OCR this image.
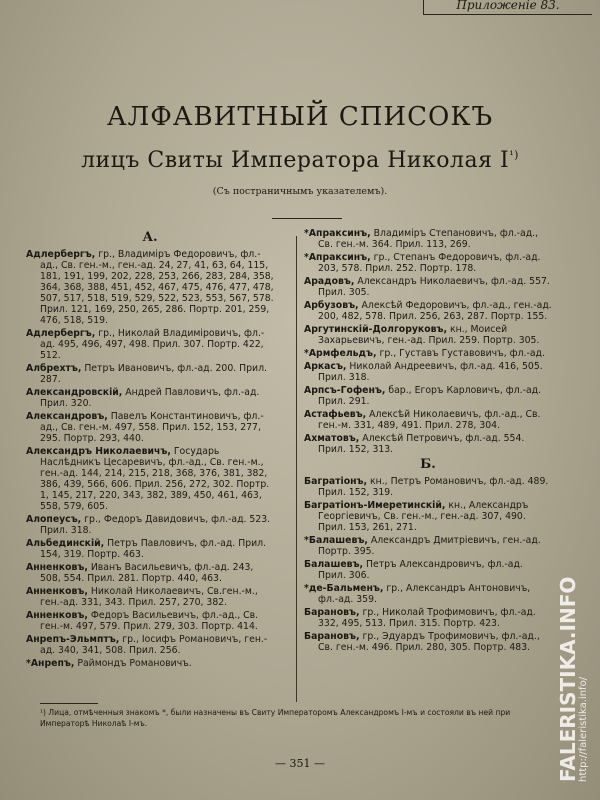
Приложеніе 83.
АЛФАВИТНЫЙ СПИСОКЪ
лицъ Свиты Императора Николая $I^{^1)}$
(Съ постраничнымъ указателемъ).
А.
Адлербергъ, гр., Владиміръ Федоровичъ, фл.-ад., Св. ген.-м., ген.-ад. 24, 27, 41, 63, 64, 115, 181, 191, 199, 202, 228, 253, 266, 283, 284, 358, 364, 368, 388, 451, 452, 467, 475, 476, 477, 478, 507, 517, 518, 519, 529, 522, 523, 553, 567, 578. Прил. 121, 169, 250, 265, 286. Портр. 201, 259, 476, 518, 519.
Адлербергъ, гр., Николай Владиміровичъ, фл.-ад. 495, 496, 497, 498. Прил. 307. Портр. 422, 512.
Албрехтъ, Петръ Ивановичъ, фл.-ад. 200. Прил. 287.
Александровскій, Андрей Павловичъ, фл.-ад. Прил. 320.
Александровъ, Павелъ Константиновичъ, фл.-ад., Св. ген.-м. 497, 558. Прил. 152, 153, 277, 295. Портр. 293, 440.
Александръ Николаевичъ, Государь Наслѣдникъ Цесаревичъ, фл.-ад., Св. ген.-м., ген.-ад. 144, 214, 215, 218, 368, 376, 381, 382, 386, 439, 566, 606. Прил. 256, 272, 302. Портр. 1, 145, 217, 220, 343, 382, 389, 450, 461, 463, 558, 579, 605.
Алопеусъ, гр., Федоръ Давидовичъ, фл.-ад. 523. Прил. 318.
Альбединскій, Петръ Павловичъ, фл.-ад. Прил. 154, 319. Портр. 463.
Анненковъ, Иванъ Васильевичъ, фл.-ад. 243, 508, 554. Прил. 281. Портр. 440, 463.
Анненковъ, Николай Николаевичъ, Св.ген.-м., ген.-ад. 331, 343. Прил. 257, 270, 382.
Анненковъ, Федоръ Васильевичъ, фл.-ад., Св. ген.-м. 497, 579. Прил. 279, 303. Портр. 414.
Анрепъ-Эльмптъ, гр., Іосифъ Романовичъ, ген.-ад. 340, 341, 508. Прил. 256.
*Анрепъ, Раймондъ Романовичъ.
*Апраксинъ, Владиміръ Степановичъ, фл.-ад., Св. ген.-м. 364. Прил. 113, 269.
*Апраксинъ, гр., Степанъ Федоровичъ, фл.-ад. 203, 578. Прил. 252. Портр. 178.
Арадовъ, Александръ Николаевичъ, фл.-ад. 557. Прил. 305.
Арбузовъ, Алексѣй Федоровичъ, фл.-ад., ген.-ад. 200, 482, 578. Прил. 256, 263, 287. Портр. 155.
Аргутинскій-Долгоруковъ, кн., Моисей Захарьевичъ, ген.-ад. Прил. 259. Портр. 305.
*Армфельдъ, гр., Густавъ Густавовичъ, фл.-ад.
Аркасъ, Николай Андреевичъ, фл.-ад. 416, 505. Прил. 318.
Арпсъ-Гофенъ, бар., Егоръ Карловичъ, фл.-ад. Прил. 291.
Астафьевъ, Алексѣй Николаевичъ, фл.-ад., Св. ген.-м. 331, 489, 491. Прил. 278, 304.
Ахматовъ, Алексѣй Петровичъ, фл.-ад. 554. Прил. 152, 313.
Б.
Багратіонъ, кн., Петръ Романовичъ, фл.-ад. 489. Прил. 152, 319.
Багратіонъ-Имеретинскій, кн., Александръ Георгіевичъ, Св. ген.-м., ген.-ад. 307, 490. Прил. 153, 261, 271.
*Балашевъ, Александръ Дмитріевичъ, ген.-ад. Портр. 395.
Балашевъ, Петръ Александровичъ, фл.-ад. Прил. 306.
*де-Бальменъ, гр., Александръ Антоновичъ, фл.-ад. 359.
Барановъ, гр., Николай Трофимовичъ, фл.-ад. 332, 495, 513. Прил. 315. Портр. 423.
Барановъ, гр., Эдуардъ Трофимовичъ, фл.-ад., Св. ген.-м. 496. Прил. 280, 305. Портр. 483.
¹) Лица, отмѣченныя знакомъ *, были назначены въ Свиту Императоромъ Александромъ I-мъ и состояли въ ней при Императорѣ Николаѣ I-мъ.
— 351 —	FALERISTIKA.INFO
http://faleristika.info/
